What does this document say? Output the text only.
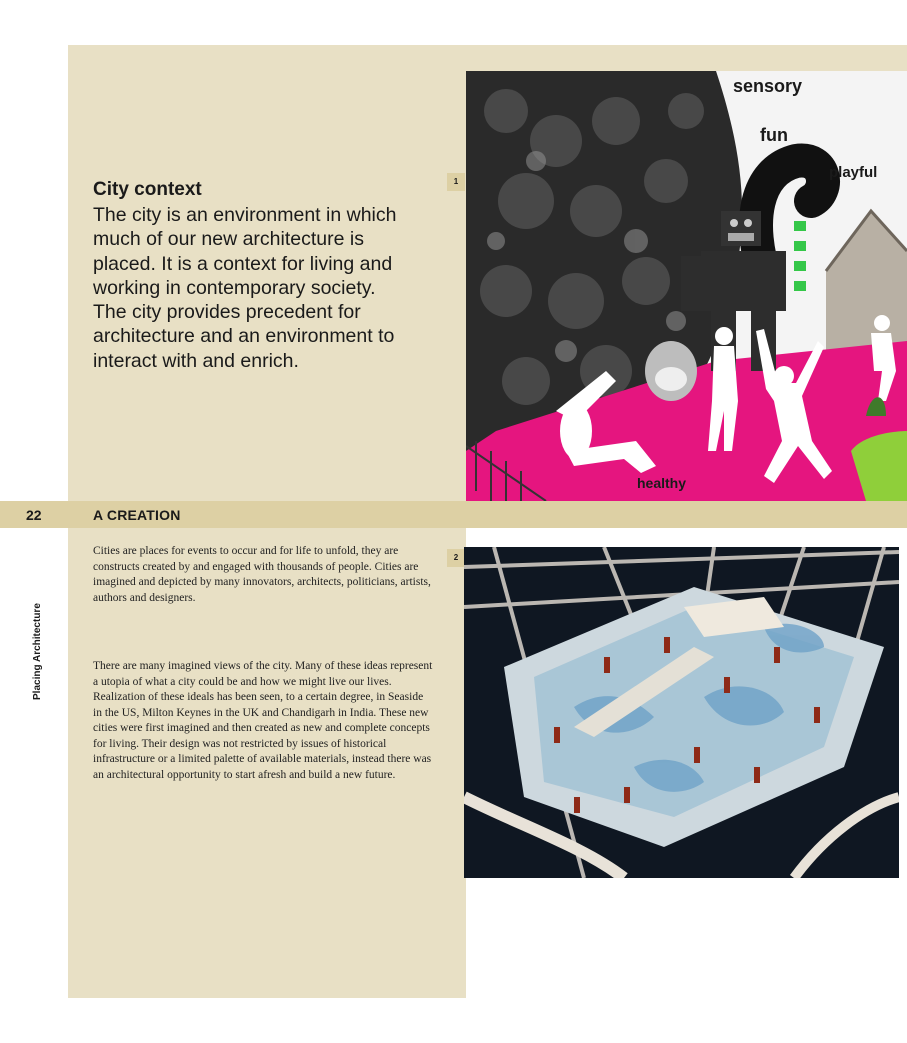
22	A CREATION
Placing Architecture
City context
The city is an environment in which much of our new architecture is placed. It is a context for living and working in contemporary society. The city provides precedent for architecture and an environment to interact with and enrich.
Cities are places for events to occur and for life to unfold, they are constructs created by and engaged with thousands of people. Cities are imagined and depicted by many innovators, architects, politicians, artists, authors and designers.
There are many imagined views of the city. Many of these ideas represent a utopia of what a city could be and how we might live our lives. Realization of these ideals has been seen, to a certain degree, in Seaside in the US, Milton Keynes in the UK and Chandigarh in India. These new cities were first imagined and then created as new and complete concepts for living. Their design was not restricted by issues of historical infrastructure or a limited palette of available materials, instead there was an architectural opportunity to start afresh and build a new future.
1
2
sensory
fun
playful
healthy
